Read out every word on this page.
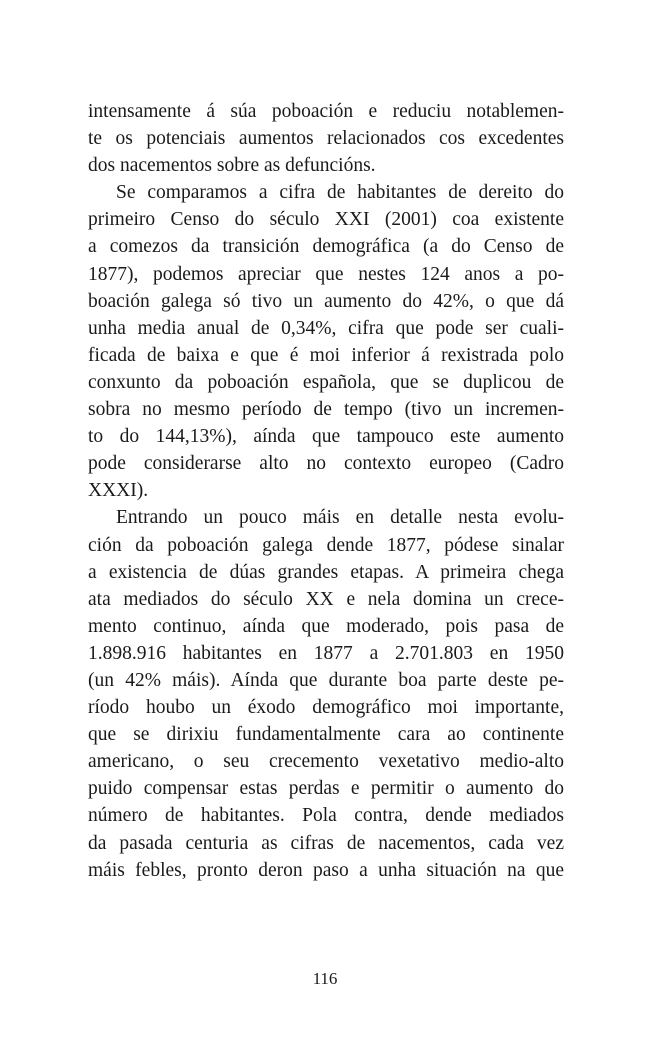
intensamente á súa poboación e reduciu notablemen-
te os potenciais aumentos relacionados cos excedentes
dos nacementos sobre as defuncións.
Se comparamos a cifra de habitantes de dereito do
primeiro Censo do século XXI (2001) coa existente
a comezos da transición demográfica (a do Censo de
1877), podemos apreciar que nestes 124 anos a po-
boación galega só tivo un aumento do 42%, o que dá
unha media anual de 0,34%, cifra que pode ser cuali-
ficada de baixa e que é moi inferior á rexistrada polo
conxunto da poboación española, que se duplicou de
sobra no mesmo período de tempo (tivo un incremen-
to do 144,13%), aínda que tampouco este aumento
pode considerarse alto no contexto europeo (Cadro
XXXI).
Entrando un pouco máis en detalle nesta evolu-
ción da poboación galega dende 1877, pódese sinalar
a existencia de dúas grandes etapas. A primeira chega
ata mediados do século XX e nela domina un crece-
mento continuo, aínda que moderado, pois pasa de
1.898.916 habitantes en 1877 a 2.701.803 en 1950
(un 42% máis). Aínda que durante boa parte deste pe-
ríodo houbo un éxodo demográfico moi importante,
que se dirixiu fundamentalmente cara ao continente
americano, o seu crecemento vexetativo medio-alto
puido compensar estas perdas e permitir o aumento do
número de habitantes. Pola contra, dende mediados
da pasada centuria as cifras de nacementos, cada vez
máis febles, pronto deron paso a unha situación na que
116
